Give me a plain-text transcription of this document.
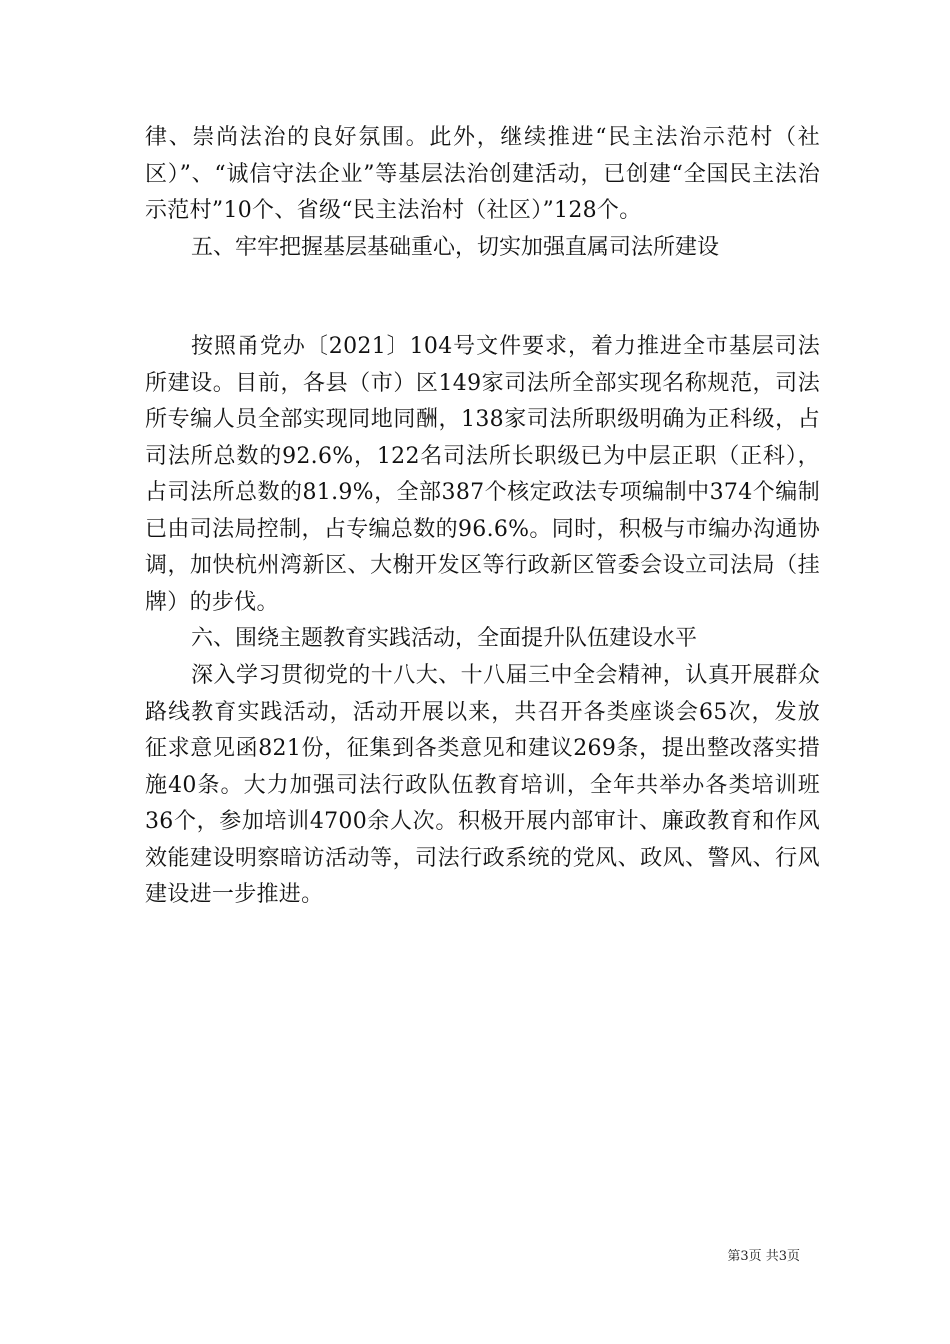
律、崇尚法治的良好氛围。此外，继续推进“民主法治示范村（社区）”、“诚信守法企业”等基层法治创建活动，已创建“全国民主法治示范村”10个、省级“民主法治村（社区）”128个。

五、牢牢把握基层基础重心，切实加强直属司法所建设

按照甬党办〔2021〕104号文件要求，着力推进全市基层司法所建设。目前，各县（市）区149家司法所全部实现名称规范，司法所专编人员全部实现同地同酬，138家司法所职级明确为正科级，占司法所总数的92.6%，122名司法所长职级已为中层正职（正科），占司法所总数的81.9%，全部387个核定政法专项编制中374个编制已由司法局控制，占专编总数的96.6%。同时，积极与市编办沟通协调，加快杭州湾新区、大榭开发区等行政新区管委会设立司法局（挂牌）的步伐。

六、围绕主题教育实践活动，全面提升队伍建设水平

深入学习贯彻党的十八大、十八届三中全会精神，认真开展群众路线教育实践活动，活动开展以来，共召开各类座谈会65次，发放征求意见函821份，征集到各类意见和建议269条，提出整改落实措施40条。大力加强司法行政队伍教育培训，全年共举办各类培训班36个，参加培训4700余人次。积极开展内部审计、廉政教育和作风效能建设明察暗访活动等，司法行政系统的党风、政风、警风、行风建设进一步推进。

第3页 共3页
